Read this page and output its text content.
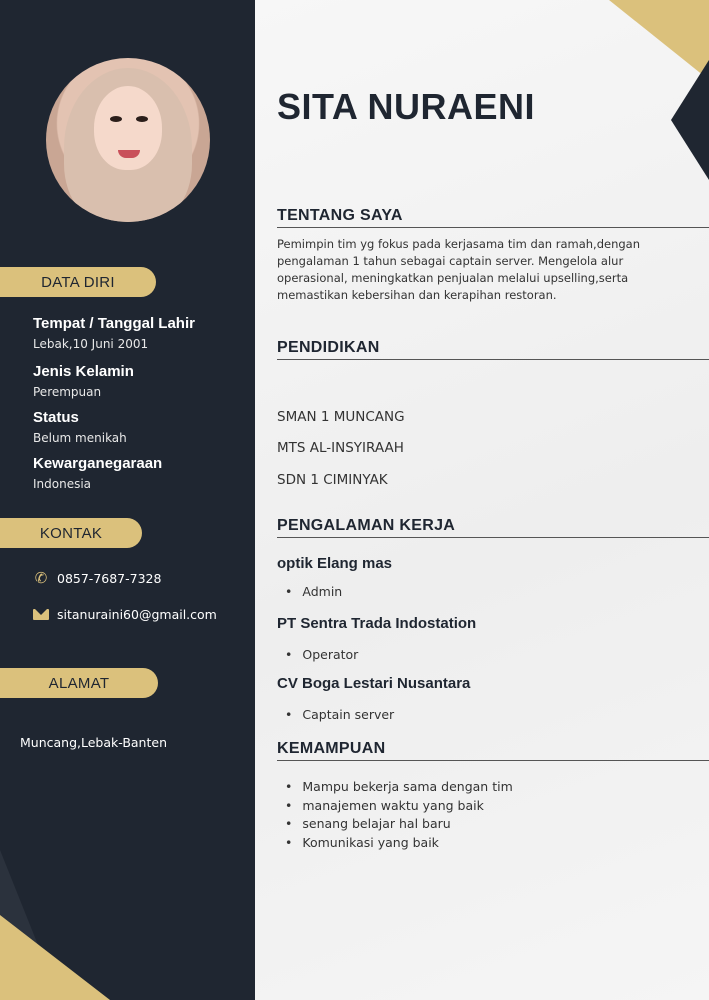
DATA DIRI
Tempat / Tanggal Lahir
Lebak,10 Juni 2001
Jenis Kelamin
Perempuan
Status
Belum menikah
Kewarganegaraan
Indonesia
KONTAK
✆ 0857-7687-7328
sitanuraini60@gmail.com
ALAMAT
Muncang,Lebak-Banten
SITA NURAENI
TENTANG SAYA
Pemimpin tim yg fokus pada kerjasama tim dan ramah,dengan pengalaman 1 tahun sebagai captain server. Mengelola alur operasional, meningkatkan penjualan melalui upselling,serta memastikan kebersihan dan kerapihan restoran.
PENDIDIKAN
SMAN 1 MUNCANG
MTS AL-INSYIRAAH
SDN 1 CIMINYAK
PENGALAMAN KERJA
optik Elang mas
• Admin
PT Sentra Trada Indostation
• Operator
CV Boga Lestari Nusantara
• Captain server
KEMAMPUAN
• Mampu bekerja sama dengan tim
• manajemen waktu yang baik
• senang belajar hal baru
• Komunikasi yang baik
